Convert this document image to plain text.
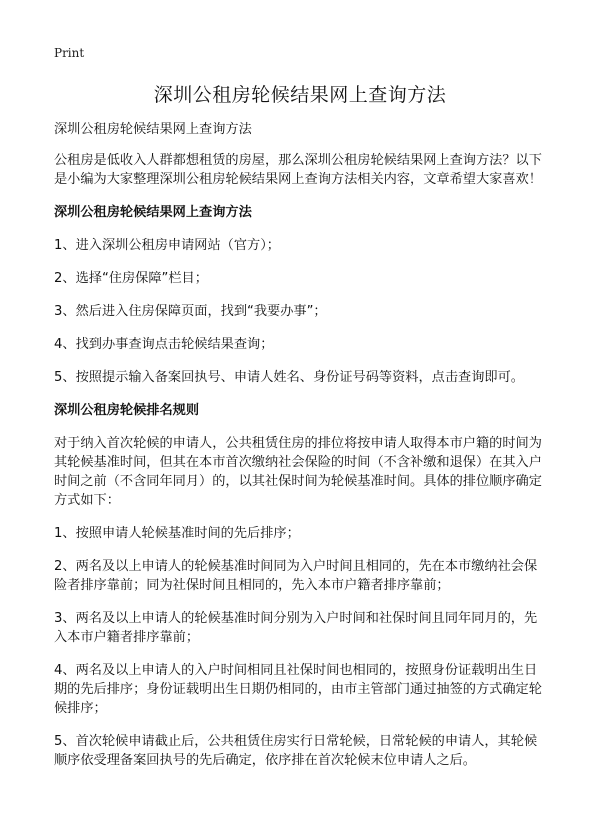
Print
深圳公租房轮候结果网上查询方法

深圳公租房轮候结果网上查询方法

公租房是低收入人群都想租赁的房屋，那么深圳公租房轮候结果网上查询方法？以下是小编为大家整理深圳公租房轮候结果网上查询方法相关内容，文章希望大家喜欢！

深圳公租房轮候结果网上查询方法

1、进入深圳公租房申请网站（官方）；

2、选择“住房保障”栏目；

3、然后进入住房保障页面，找到“我要办事”；

4、找到办事查询点击轮候结果查询；

5、按照提示输入备案回执号、申请人姓名、身份证号码等资料，点击查询即可。

深圳公租房轮候排名规则

对于纳入首次轮候的申请人，公共租赁住房的排位将按申请人取得本市户籍的时间为其轮候基准时间，但其在本市首次缴纳社会保险的时间（不含补缴和退保）在其入户时间之前（不含同年同月）的，以其社保时间为轮候基准时间。具体的排位顺序确定方式如下：

1、按照申请人轮候基准时间的先后排序；

2、两名及以上申请人的轮候基准时间同为入户时间且相同的，先在本市缴纳社会保险者排序靠前；同为社保时间且相同的，先入本市户籍者排序靠前；

3、两名及以上申请人的轮候基准时间分别为入户时间和社保时间且同年同月的，先入本市户籍者排序靠前；

4、两名及以上申请人的入户时间相同且社保时间也相同的，按照身份证载明出生日期的先后排序；身份证载明出生日期仍相同的，由市主管部门通过抽签的方式确定轮候排序；

5、首次轮候申请截止后，公共租赁住房实行日常轮候，日常轮候的申请人，其轮候顺序依受理备案回执号的先后确定，依序排在首次轮候末位申请人之后。
